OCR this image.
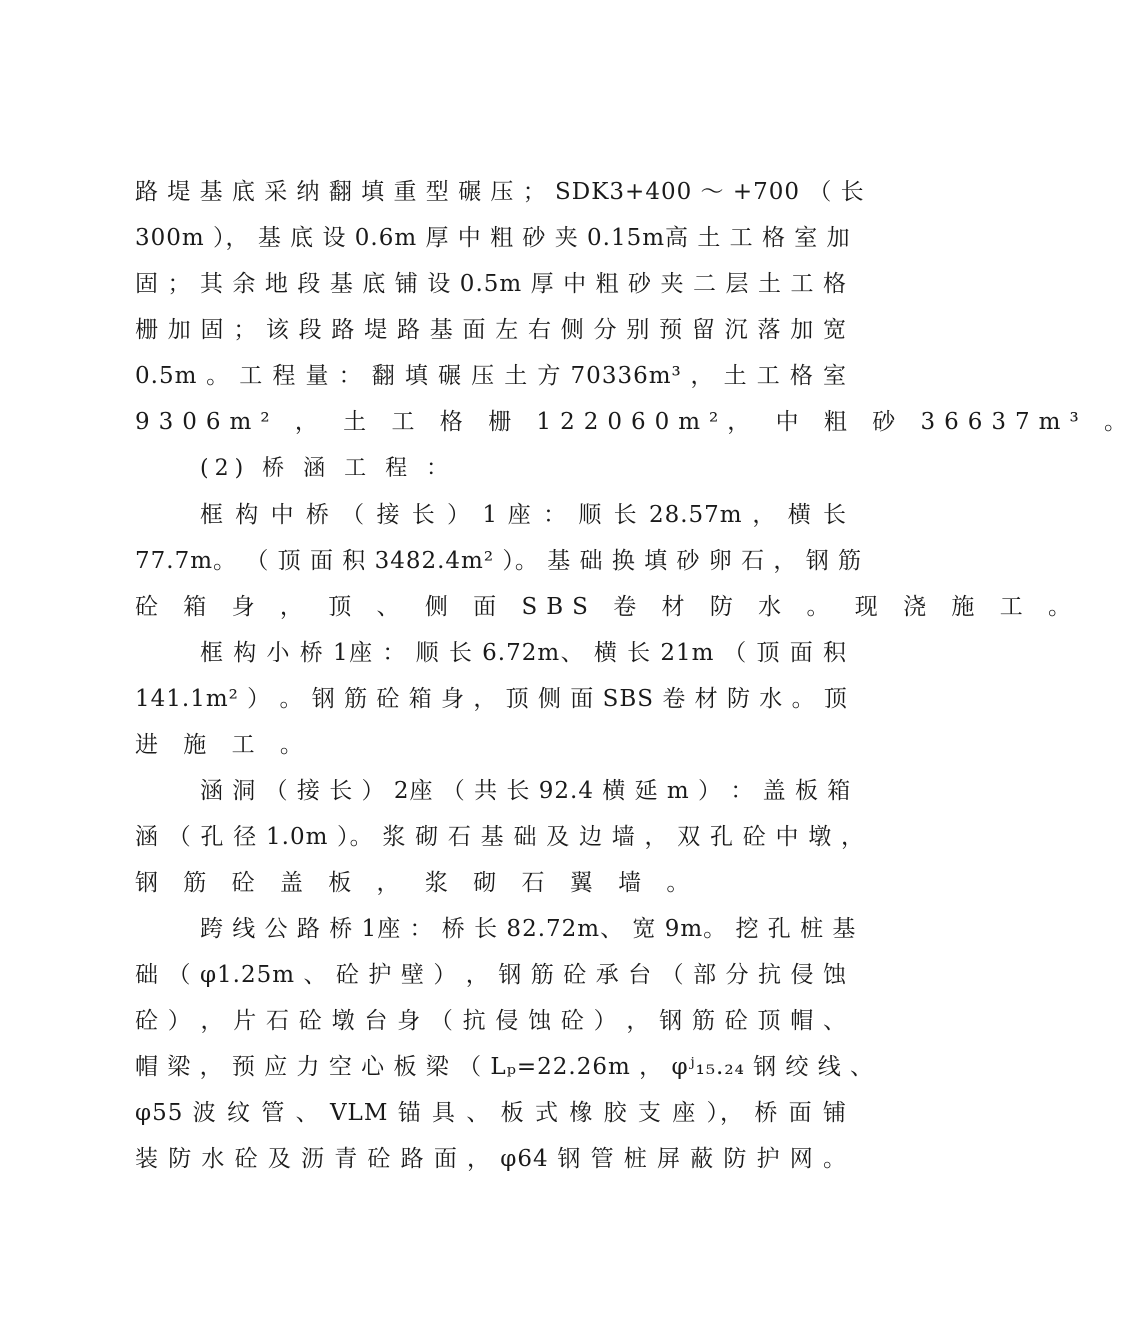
路 堤 基 底 采 纳 翻 填 重 型 碾 压 ； SDK3+400 ～ +700 （ 长
300m ）， 基 底 设 0.6m 厚 中 粗 砂 夹 0.15m高 土 工 格 室 加
固 ； 其 余 地 段 基 底 铺 设 0.5m 厚 中 粗 砂 夹 二 层 土 工 格
栅 加 固 ； 该 段 路 堤 路 基 面 左 右 侧 分 别 预 留 沉 落 加 宽
0.5m 。 工 程 量 ： 翻 填 碾 压 土 方 70336m³ ， 土 工 格 室
9306m² ， 土 工 格 栅 122060m²， 中 粗 砂 36637m³ 。
(2) 桥 涵 工 程 ：
框 构 中 桥 （ 接 长 ） 1 座 ： 顺 长 28.57m ， 横 长
77.7m。 （ 顶 面 积 3482.4m² ）。 基 础 换 填 砂 卵 石 ， 钢 筋
砼 箱 身 ， 顶 、 侧 面 SBS 卷 材 防 水 。 现 浇 施 工 。
框 构 小 桥 1座 ： 顺 长 6.72m、 横 长 21m （ 顶 面 积
141.1m² ） 。 钢 筋 砼 箱 身 ， 顶 侧 面 SBS 卷 材 防 水 。 顶
进 施 工 。
涵 洞 （ 接 长 ） 2座 （ 共 长 92.4 横 延 m ） ： 盖 板 箱
涵 （ 孔 径 1.0m ）。 浆 砌 石 基 础 及 边 墙 ， 双 孔 砼 中 墩 ，
钢 筋 砼 盖 板 ， 浆 砌 石 翼 墙 。
跨 线 公 路 桥 1座 ： 桥 长 82.72m、 宽 9m。 挖 孔 桩 基
础 （ φ1.25m 、 砼 护 壁 ） ， 钢 筋 砼 承 台 （ 部 分 抗 侵 蚀
砼 ） ， 片 石 砼 墩 台 身 （ 抗 侵 蚀 砼 ） ， 钢 筋 砼 顶 帽 、
帽 梁 ， 预 应 力 空 心 板 梁 （ Lₚ=22.26m ， φʲ₁₅.₂₄ 钢 绞 线 、
φ55 波 纹 管 、 VLM 锚 具 、 板 式 橡 胶 支 座 ）， 桥 面 铺
装 防 水 砼 及 沥 青 砼 路 面 ， φ64 钢 管 桩 屏 蔽 防 护 网 。
